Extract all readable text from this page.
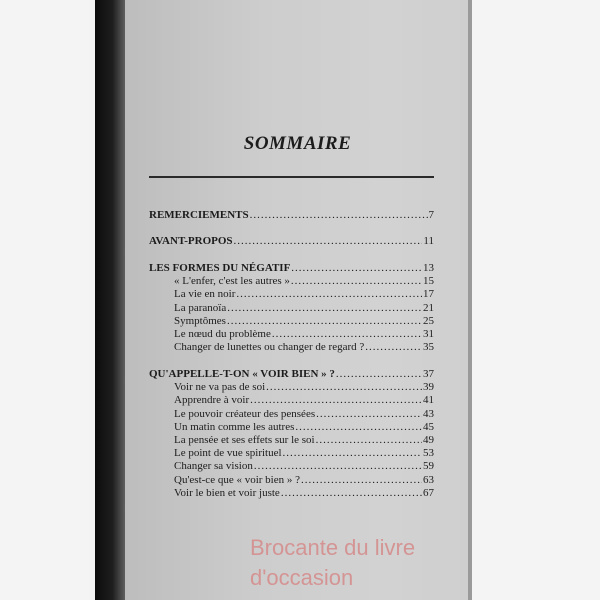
SOMMAIRE
REMERCIEMENTS .....	7
AVANT-PROPOS .....	11
LES FORMES DU NÉGATIF .....	13
« L'enfer, c'est les autres » .....	15
La vie en noir .....	17
La paranoïa .....	21
Symptômes .....	25
Le nœud du problème .....	31
Changer de lunettes ou changer de regard ? .....	35
QU'APPELLE-T-ON « VOIR BIEN » ? .....	37
Voir ne va pas de soi .....	39
Apprendre à voir .....	41
Le pouvoir créateur des pensées .....	43
Un matin comme les autres .....	45
La pensée et ses effets sur le soi .....	49
Le point de vue spirituel .....	53
Changer sa vision .....	59
Qu'est-ce que « voir bien » ? .....	63
Voir le bien et voir juste .....	67
Brocante du livre
d'occasion
